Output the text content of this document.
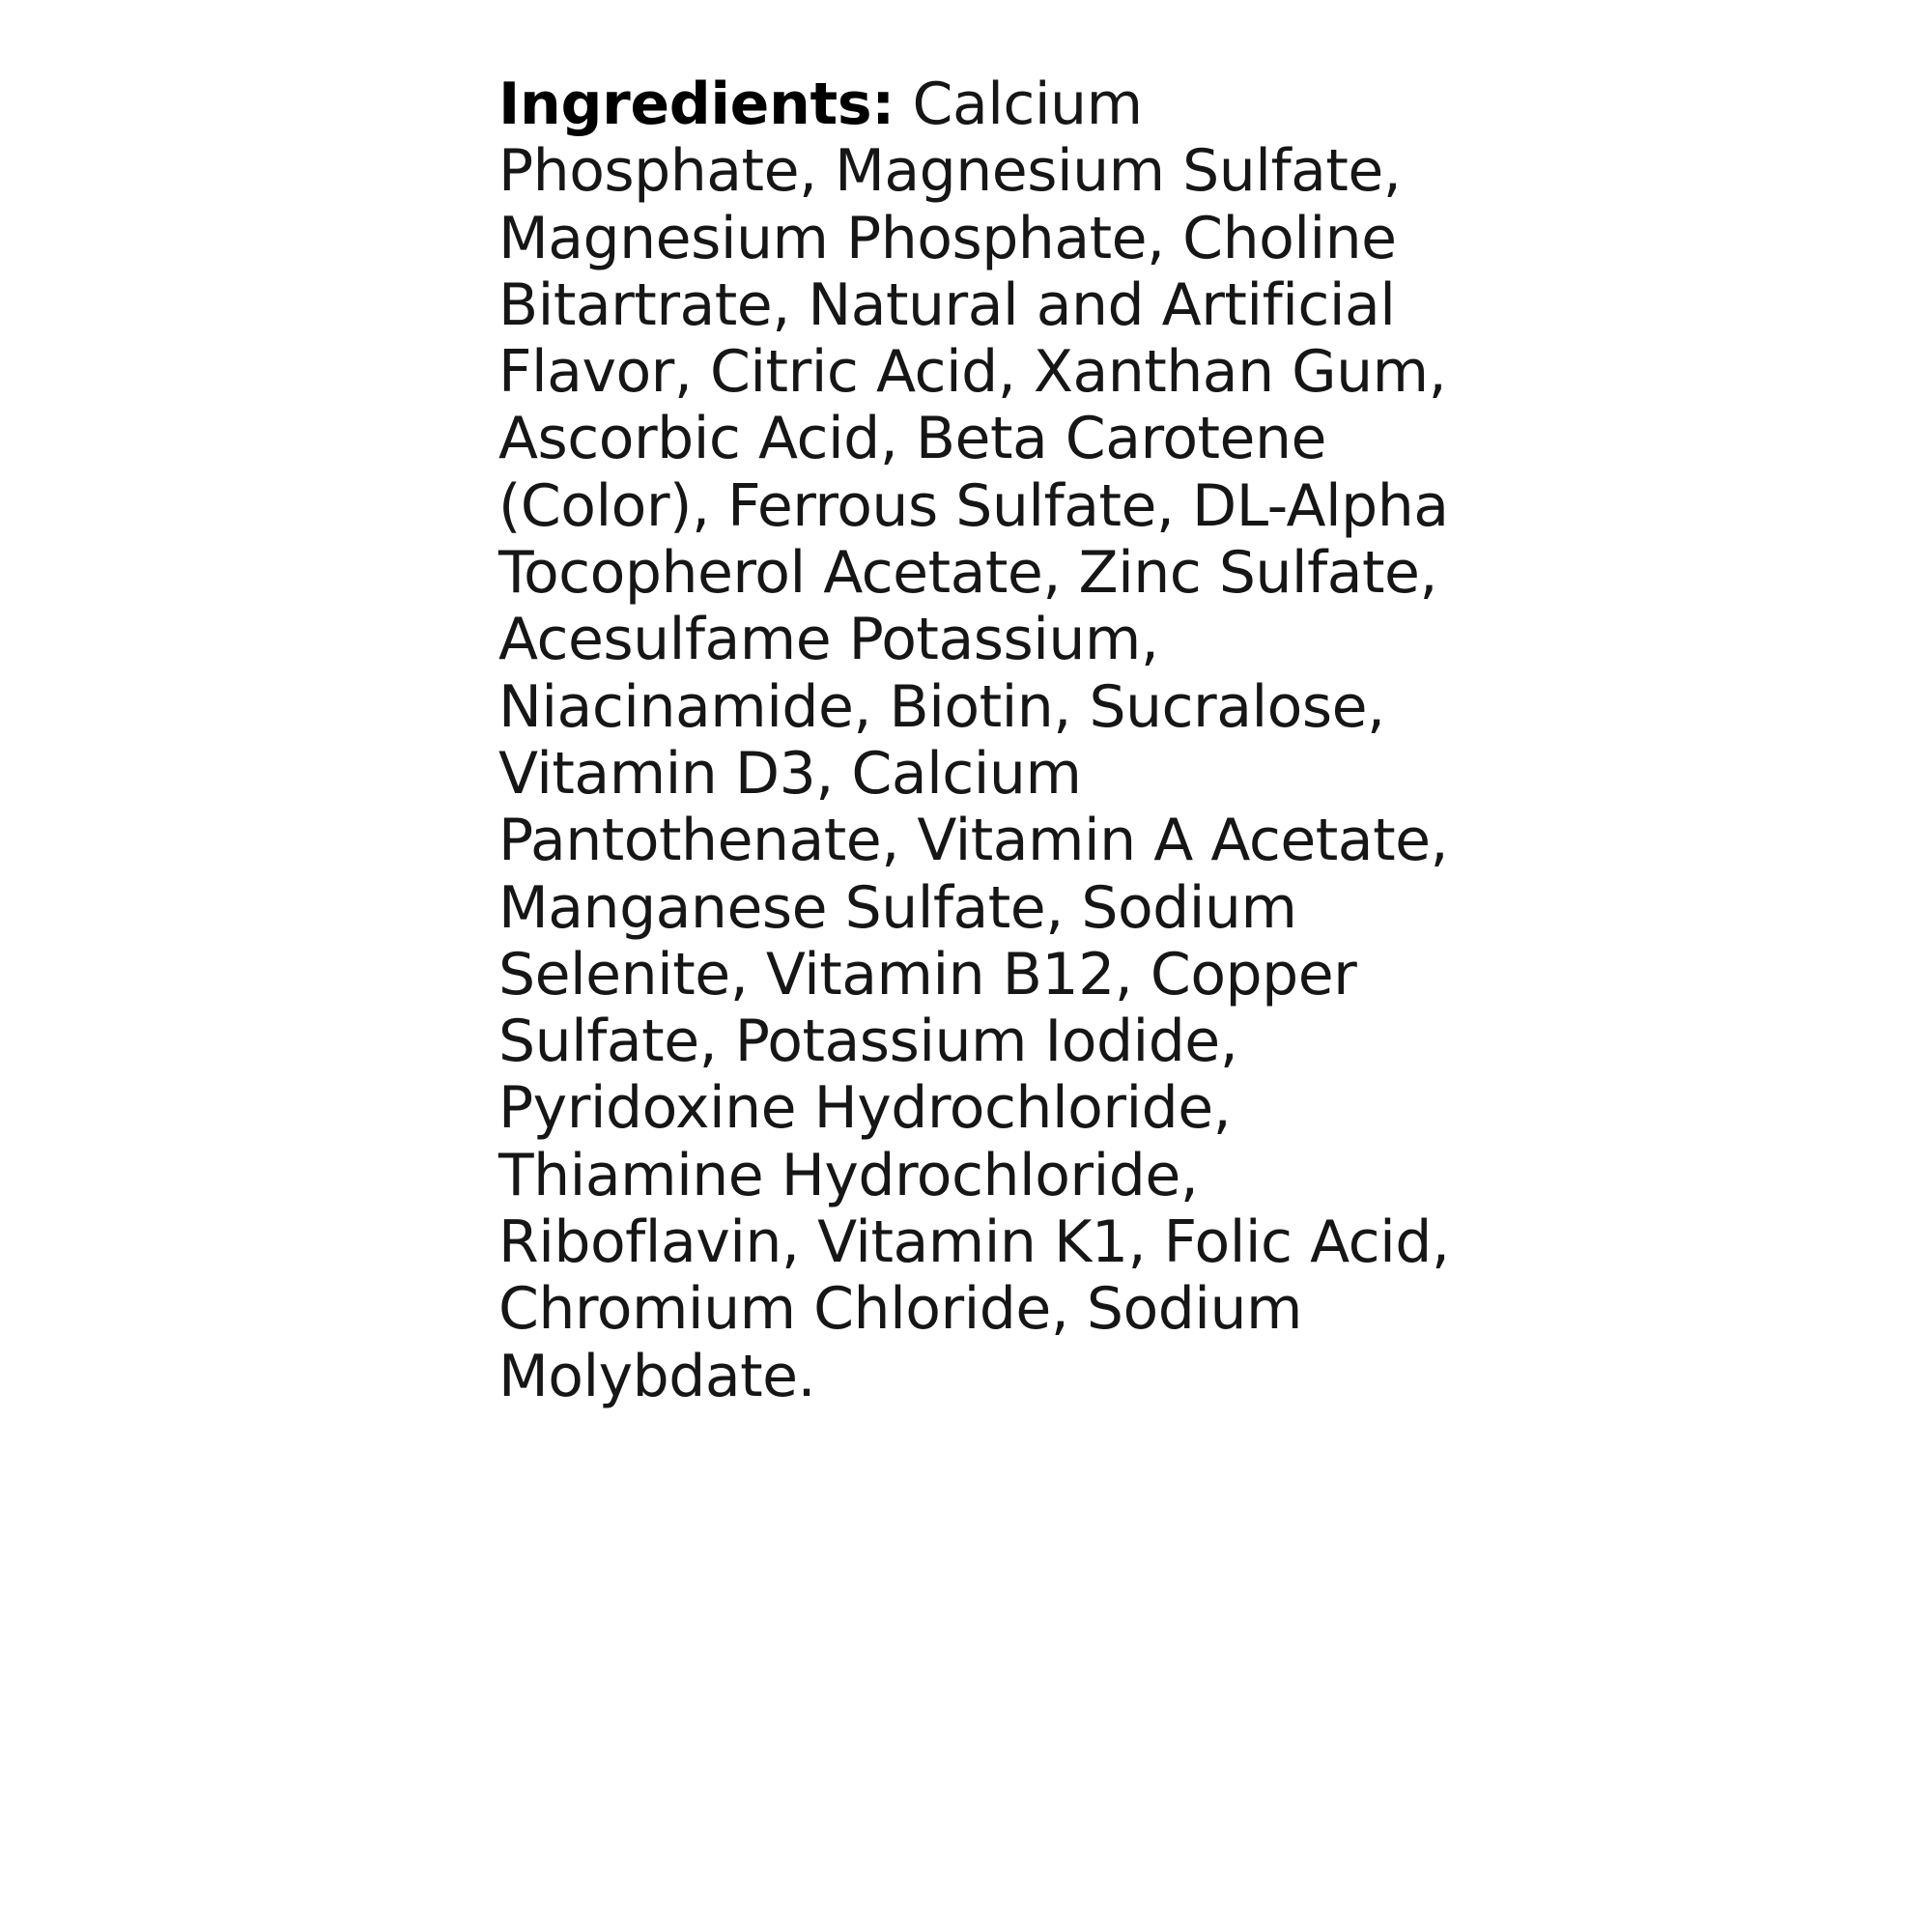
Ingredients: Calcium Phosphate, Magnesium Sulfate, Magnesium Phosphate, Choline Bitartrate, Natural and Artificial Flavor, Citric Acid, Xanthan Gum, Ascorbic Acid, Beta Carotene (Color), Ferrous Sulfate, DL-Alpha Tocopherol Acetate, Zinc Sulfate, Acesulfame Potassium, Niacinamide, Biotin, Sucralose, Vitamin D3, Calcium Pantothenate, Vitamin A Acetate, Manganese Sulfate, Sodium Selenite, Vitamin B12, Copper Sulfate, Potassium Iodide, Pyridoxine Hydrochloride, Thiamine Hydrochloride, Riboflavin, Vitamin K1, Folic Acid, Chromium Chloride, Sodium Molybdate.
